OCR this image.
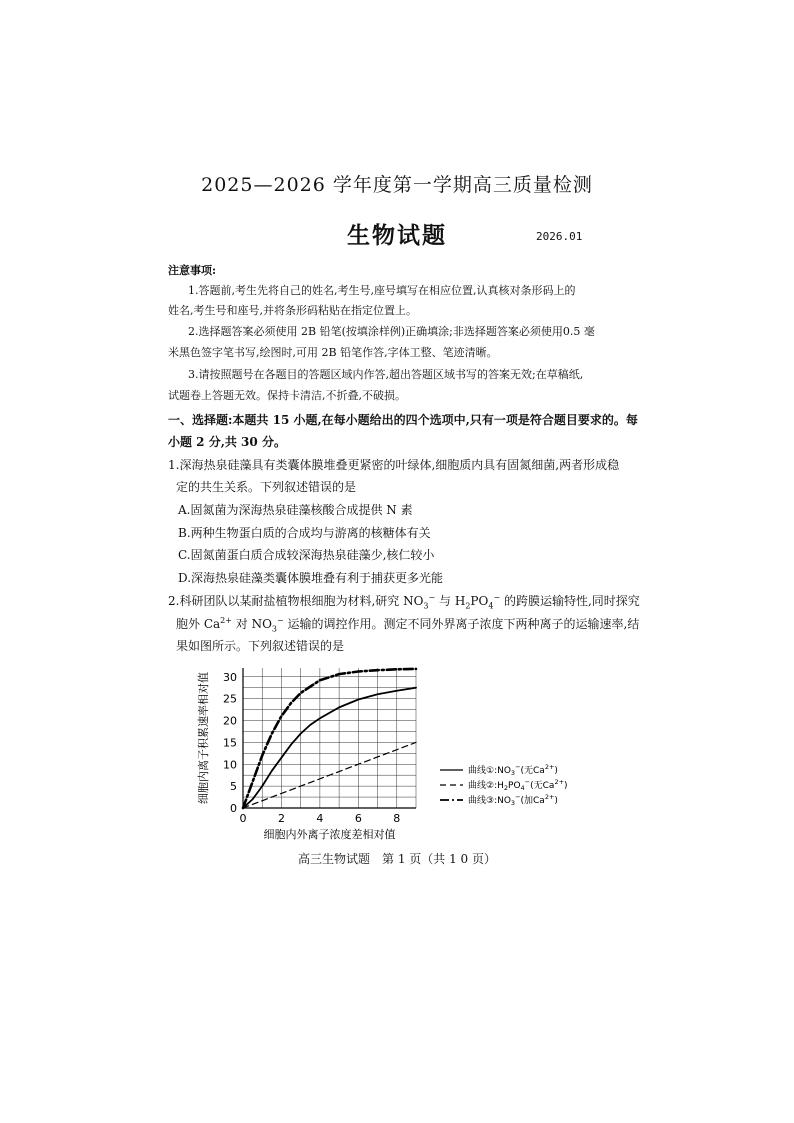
2025—2026 学年度第一学期高三质量检测
生物试题	2026.01
注意事项:
1.答题前,考生先将自己的姓名,考生号,座号填写在相应位置,认真核对条形码上的
姓名,考生号和座号,并将条形码粘贴在指定位置上。
2.选择题答案必须使用 2B 铅笔(按填涂样例)正确填涂;非选择题答案必须使用0.5 毫
米黑色签字笔书写,绘图时,可用 2B 铅笔作答,字体工整、笔迹清晰。
3.请按照题号在各题目的答题区域内作答,超出答题区域书写的答案无效;在草稿纸,
试题卷上答题无效。保持卡清洁,不折叠,不破损。
一、选择题:本题共 15 小题,在每小题给出的四个选项中,只有一项是符合题目要求的。每
小题 2 分,共 30 分。
1.深海热泉硅藻具有类囊体膜堆叠更紧密的叶绿体,细胞质内具有固氮细菌,两者形成稳
定的共生关系。下列叙述错误的是
A.固氮菌为深海热泉硅藻核酸合成提供 N 素
B.两种生物蛋白质的合成均与游离的核糖体有关
C.固氮菌蛋白质合成较深海热泉硅藻少,核仁较小
D.深海热泉硅藻类囊体膜堆叠有利于捕获更多光能
2.科研团队以某耐盐植物根细胞为材料,研究 $NO_3^-$ 与 $H_2PO_4^-$ 的跨膜运输特性,同时探究
胞外 $Ca^{2+}$ 对 $NO_3^-$ 运输的调控作用。测定不同外界离子浓度下两种离子的运输速率,结
果如图所示。下列叙述错误的是
0	2	4	6	8
0
5
10
15
20
25
30
曲线$①:NO_3^-$(无$Ca^{2+}$)
曲线$②:H_2PO_4^-$(无$Ca^{2+}$)
曲线$③:NO_3^-$(加$Ca^{2+}$)
细胞内离子积累速率相对值
细胞内外离子浓度差相对值
高三生物试题　第 1 页（共 1 0 页）
